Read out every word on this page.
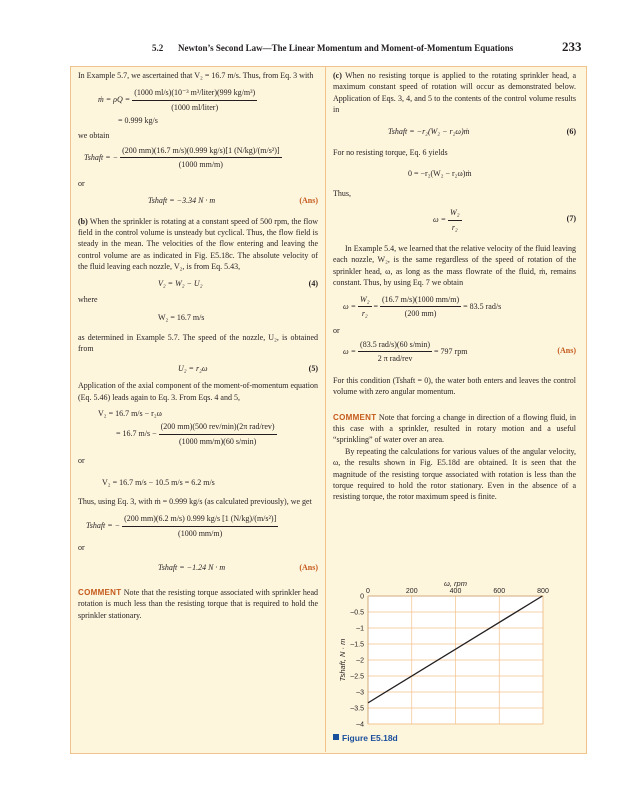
5.2 Newton’s Second Law—The Linear Momentum and Moment-of-Momentum Equations	233

In Example 5.7, we ascertained that V₂ = 16.7 m/s. Thus, from Eq. 3 with

ṁ = $\rho Q = \frac{\text{(1000 ml/s)(10⁻³ m³/liter)(999 kg/m³)}}{\text{(1000 ml/liter)}}$
= 0.999 kg/s

we obtain

Tshaft = − $\frac{\text{(200 mm)(16.7 m/s)(0.999 kg/s)[1 (N/kg)/(m/s²)]}}{(1000 mm/m)}$

or

Tshaft = −3.34 N · m	(Ans)

(b) When the sprinkler is rotating at a constant speed of 500 rpm, the flow field in the control volume is unsteady but cyclical. Thus, the flow field is steady in the mean. The velocities of the flow entering and leaving the control volume are as indicated in Fig. E5.18c. The absolute velocity of the fluid leaving each nozzle, V₂, is from Eq. 5.43,

V₂ = W₂ − U₂	(4)

where

W₂ = 16.7 m/s

as determined in Example 5.7. The speed of the nozzle, U₂, is obtained from

U₂ = r₂ω	(5)

Application of the axial component of the moment-of-momentum equation (Eq. 5.46) leads again to Eq. 3. From Eqs. 4 and 5,

V₂ = 16.7 m/s − r₂ω
= 16.7 $m/s - \frac{\text{(200 mm)(500 rev/min)(2π rad/rev)}}{(1000 mm/m)(60 s/\min)}$

or

V₂ = 16.7 m/s − 10.5 m/s = 6.2 m/s

Thus, using Eq. 3, with ṁ = 0.999 kg/s (as calculated previously), we get

Tshaft = − $\frac{\text{(200 mm)(6.2 m/s) 0.999 kg/s [1 (N/kg)/(m/s²)]}}{(1000 mm/m)}$

or

Tshaft = −1.24 N · m	(Ans)

COMMENT Note that the resisting torque associated with sprinkler head rotation is much less than the resisting torque that is required to hold the sprinkler stationary.

(c) When no resisting torque is applied to the rotating sprinkler head, a maximum constant speed of rotation will occur as demonstrated below. Application of Eqs. 3, 4, and 5 to the contents of the control volume results in

Tshaft = −r₂(W₂ − r₂ω)ṁ	(6)

For no resisting torque, Eq. 6 yields

0 = −r₂(W₂ − r₂ω)ṁ

Thus,

$\omega = \frac{\text{W₂}}{\text{r₂}}$	(7)

In Example 5.4, we learned that the relative velocity of the fluid leaving each nozzle, W₂, is the same regardless of the speed of rotation of the sprinkler head, ω, as long as the mass flowrate of the fluid, ṁ, remains constant. Thus, by using Eq. 7 we obtain

$\omega = \frac{\text{W₂}}{\text{r₂}} = \frac{(16.7 m/s)(1000 mm/m)}{(200 mm)} = 83.5$ rad/s

or

$\omega = \frac{\text{(83.5 rad/s)(60 s/min)}}{\text{2 π rad/rev}} = 797$ rpm	(Ans)

For this condition (Tshaft = 0), the water both enters and leaves the control volume with zero angular momentum.

COMMENT Note that forcing a change in direction of a flowing fluid, in this case with a sprinkler, resulted in rotary motion and a useful “sprinkling” of water over an area.

By repeating the calculations for various values of the angular velocity, ω, the results shown in Fig. E5.18d are obtained. It is seen that the magnitude of the resisting torque associated with rotation is less than the torque required to hold the rotor stationary. Even in the absence of a resisting torque, the rotor maximum speed is finite.

0
–0.5
–1
–1.5
–2
–2.5
–3
–3.5
–4
0	200	400	600	800
ω, rpm
Tshaft, N · m
Figure E5.18d
